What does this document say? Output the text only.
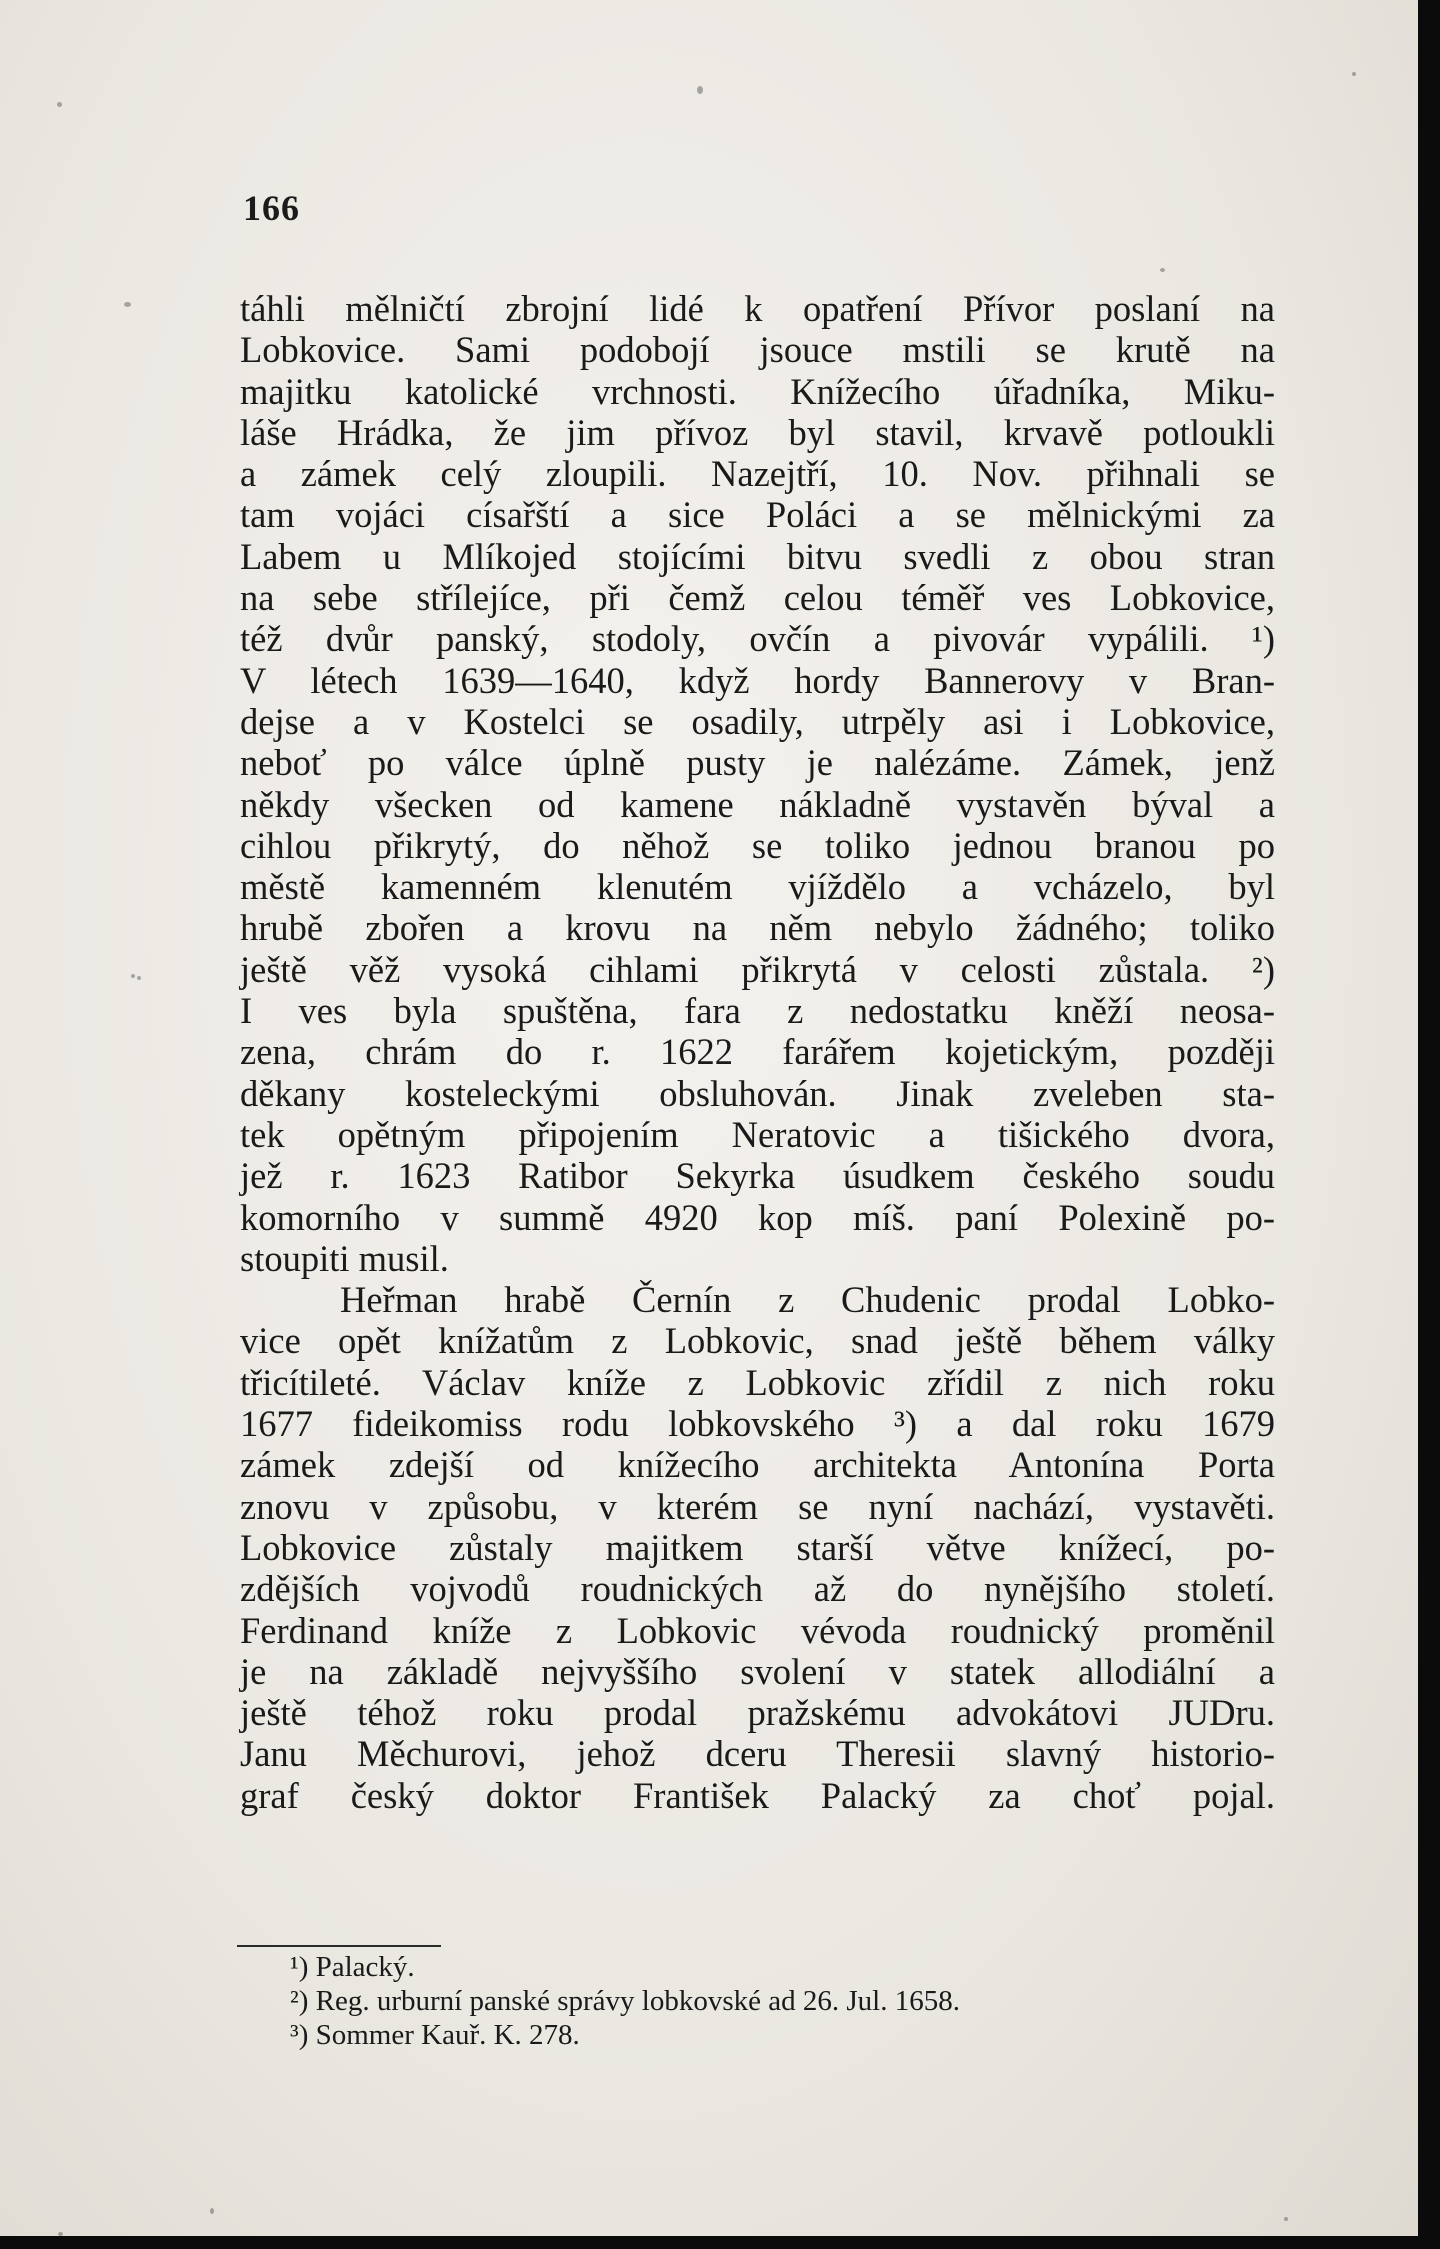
166
táhli mělničtí zbrojní lidé k opatření Přívor poslaní na
Lobkovice. Sami podobojí jsouce mstili se krutě na
majitku katolické vrchnosti. Knížecího úřadníka, Miku-
láše Hrádka, že jim přívoz byl stavil, krvavě potloukli
a zámek celý zloupili. Nazejtří, 10. Nov. přihnali se
tam vojáci císařští a sice Poláci a se mělnickými za
Labem u Mlíkojed stojícími bitvu svedli z obou stran
na sebe střílejíce, při čemž celou téměř ves Lobkovice,
též dvůr panský, stodoly, ovčín a pivovár vypálili. ¹)
V létech 1639—1640, když hordy Bannerovy v Bran-
dejse a v Kostelci se osadily, utrpěly asi i Lobkovice,
neboť po válce úplně pusty je nalézáme. Zámek, jenž
někdy všecken od kamene nákladně vystavěn býval a
cihlou přikrytý, do něhož se toliko jednou branou po
městě kamenném klenutém vjíždělo a vcházelo, byl
hrubě zbořen a krovu na něm nebylo žádného; toliko
ještě věž vysoká cihlami přikrytá v celosti zůstala. ²)
I ves byla spuštěna, fara z nedostatku kněží neosa-
zena, chrám do r. 1622 farářem kojetickým, později
děkany kosteleckými obsluhován. Jinak zveleben sta-
tek opětným připojením Neratovic a tišického dvora,
jež r. 1623 Ratibor Sekyrka úsudkem českého soudu
komorního v summě 4920 kop míš. paní Polexině po-
stoupiti musil.
Heřman hrabě Černín z Chudenic prodal Lobko-
vice opět knížatům z Lobkovic, snad ještě během války
třicítileté. Václav kníže z Lobkovic zřídil z nich roku
1677 fideikomiss rodu lobkovského ³) a dal roku 1679
zámek zdejší od knížecího architekta Antonína Porta
znovu v způsobu, v kterém se nyní nachází, vystavěti.
Lobkovice zůstaly majitkem starší větve knížecí, po-
zdějších vojvodů roudnických až do nynějšího století.
Ferdinand kníže z Lobkovic vévoda roudnický proměnil
je na základě nejvyššího svolení v statek allodiální a
ještě téhož roku prodal pražskému advokátovi JUDru.
Janu Měchurovi, jehož dceru Theresii slavný historio-
graf český doktor František Palacký za choť pojal.
¹) Palacký.
²) Reg. urburní panské správy lobkovské ad 26. Jul. 1658.
³) Sommer Kauř. K. 278.
